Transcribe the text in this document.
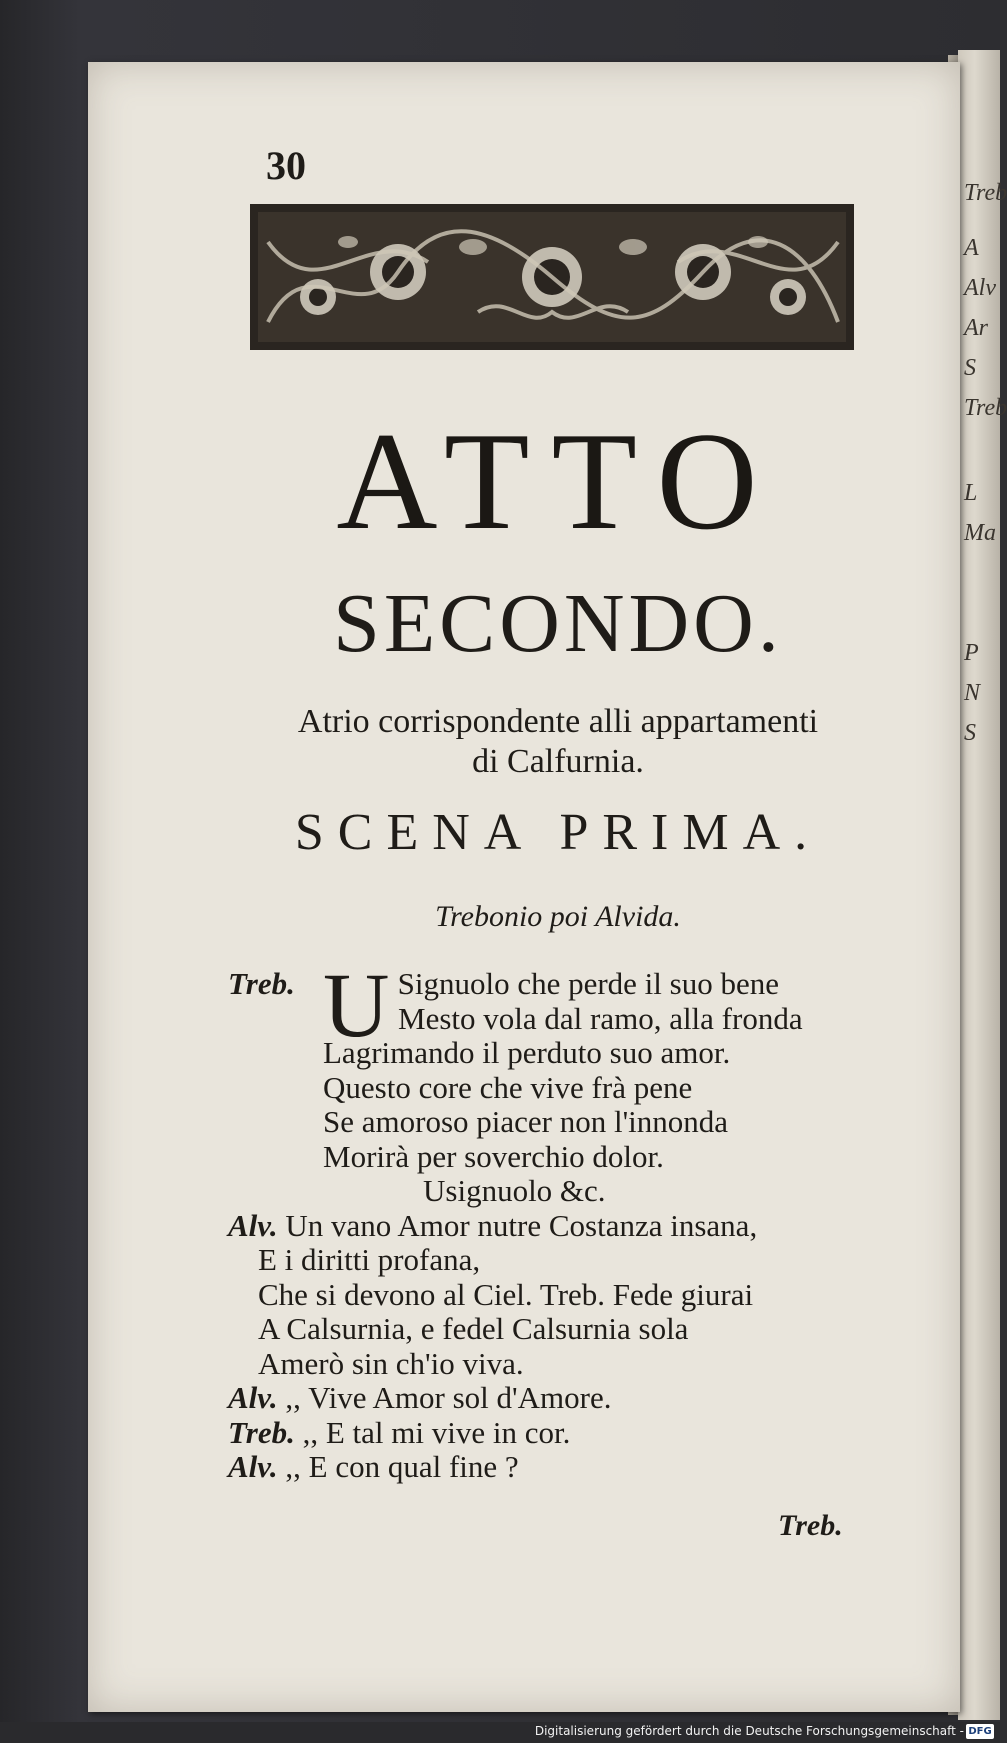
Treb
A
Alv
Ar
S
Treb
L
Ma
P
N
S
30
ATTO
SECONDO.
Atrio corrispondente alli appartamenti
di Calfurnia.
SCENA PRIMA.
Trebonio poi Alvida.
Treb. U Signuolo che perde il suo bene
Mesto vola dal ramo, alla fronda
Lagrimando il perduto suo amor.
Questo core che vive frà pene
Se amoroso piacer non l'innonda
Morirà per soverchio dolor.
Usignuolo &c.
Alv. Un vano Amor nutre Costanza insana,
E i diritti profana,
Che si devono al Ciel. Treb. Fede giurai
A Calsurnia, e fedel Calsurnia sola
Amerò sin ch'io viva.
Alv. ,, Vive Amor sol d'Amore.
Treb. ,, E tal mi vive in cor.
Alv. ,, E con qual fine ?
Treb.
Digitalisierung gefördert durch die Deutsche Forschungsgemeinschaft - DFG
